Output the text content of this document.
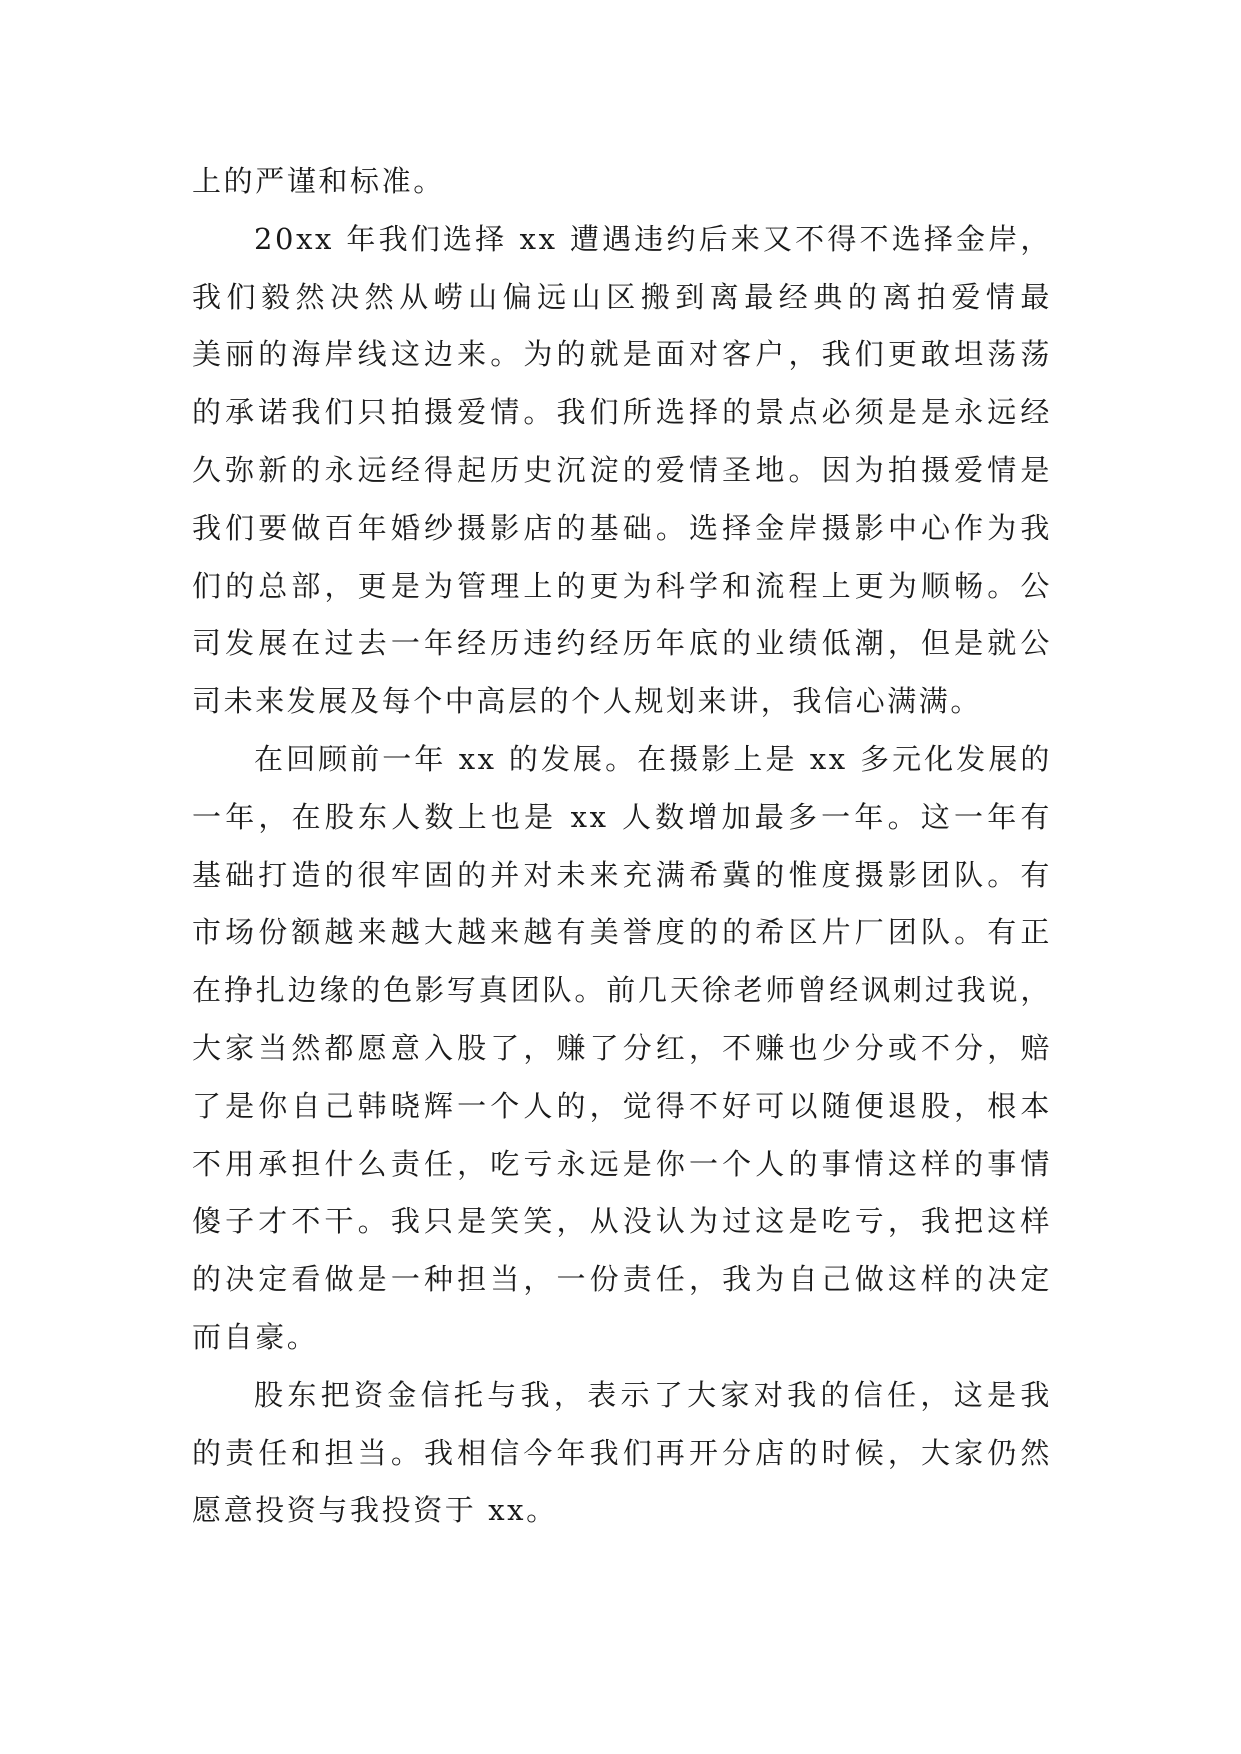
上的严谨和标准。
20xx 年我们选择 xx 遭遇违约后来又不得不选择金岸，
我们毅然决然从崂山偏远山区搬到离最经典的离拍爱情最
美丽的海岸线这边来。为的就是面对客户，我们更敢坦荡荡
的承诺我们只拍摄爱情。我们所选择的景点必须是是永远经
久弥新的永远经得起历史沉淀的爱情圣地。因为拍摄爱情是
我们要做百年婚纱摄影店的基础。选择金岸摄影中心作为我
们的总部，更是为管理上的更为科学和流程上更为顺畅。公
司发展在过去一年经历违约经历年底的业绩低潮，但是就公
司未来发展及每个中高层的个人规划来讲，我信心满满。
在回顾前一年 xx 的发展。在摄影上是 xx 多元化发展的
一年，在股东人数上也是 xx 人数增加最多一年。这一年有
基础打造的很牢固的并对未来充满希冀的惟度摄影团队。有
市场份额越来越大越来越有美誉度的的希区片厂团队。有正
在挣扎边缘的色影写真团队。前几天徐老师曾经讽刺过我说，
大家当然都愿意入股了，赚了分红，不赚也少分或不分，赔
了是你自己韩晓辉一个人的，觉得不好可以随便退股，根本
不用承担什么责任，吃亏永远是你一个人的事情这样的事情
傻子才不干。我只是笑笑，从没认为过这是吃亏，我把这样
的决定看做是一种担当，一份责任，我为自己做这样的决定
而自豪。
股东把资金信托与我，表示了大家对我的信任，这是我
的责任和担当。我相信今年我们再开分店的时候，大家仍然
愿意投资与我投资于 xx。
